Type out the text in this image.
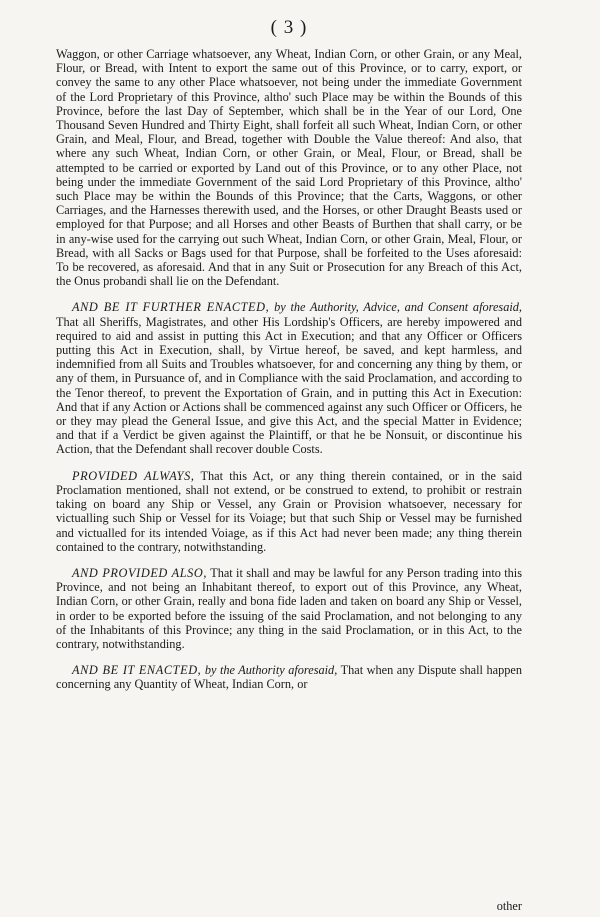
( 3 )

Waggon, or other Carriage whatsoever, any Wheat, Indian Corn, or other Grain, or any Meal, Flour, or Bread, with Intent to export the same out of this Province, or to carry, export, or convey the same to any other Place whatsoever, not being under the immediate Government of the Lord Proprietary of this Province, altho' such Place may be within the Bounds of this Province, before the last Day of September, which shall be in the Year of our Lord, One Thousand Seven Hundred and Thirty Eight, shall forfeit all such Wheat, Indian Corn, or other Grain, and Meal, Flour, and Bread, together with Double the Value thereof: And also, that where any such Wheat, Indian Corn, or other Grain, or Meal, Flour, or Bread, shall be attempted to be carried or exported by Land out of this Province, or to any other Place, not being under the immediate Government of the said Lord Proprietary of this Province, altho' such Place may be within the Bounds of this Province; that the Carts, Waggons, or other Carriages, and the Harnesses therewith used, and the Horses, or other Draught Beasts used or employed for that Purpose; and all Horses and other Beasts of Burthen that shall carry, or be in any-wise used for the carrying out such Wheat, Indian Corn, or other Grain, Meal, Flour, or Bread, with all Sacks or Bags used for that Purpose, shall be forfeited to the Uses aforesaid: To be recovered, as aforesaid. And that in any Suit or Prosecution for any Breach of this Act, the Onus probandi shall lie on the Defendant.

AND BE IT FURTHER ENACTED, by the Authority, Advice, and Consent aforesaid, That all Sheriffs, Magistrates, and other His Lordship's Officers, are hereby impowered and required to aid and assist in putting this Act in Execution; and that any Officer or Officers putting this Act in Execution, shall, by Virtue hereof, be saved, and kept harmless, and indemnified from all Suits and Troubles whatsoever, for and concerning any thing by them, or any of them, in Pursuance of, and in Compliance with the said Proclamation, and according to the Tenor thereof, to prevent the Exportation of Grain, and in putting this Act in Execution: And that if any Action or Actions shall be commenced against any such Officer or Officers, he or they may plead the General Issue, and give this Act, and the special Matter in Evidence; and that if a Verdict be given against the Plaintiff, or that he be Nonsuit, or discontinue his Action, that the Defendant shall recover double Costs.

PROVIDED ALWAYS, That this Act, or any thing therein contained, or in the said Proclamation mentioned, shall not extend, or be construed to extend, to prohibit or restrain taking on board any Ship or Vessel, any Grain or Provision whatsoever, necessary for victualling such Ship or Vessel for its Voiage; but that such Ship or Vessel may be furnished and victualled for its intended Voiage, as if this Act had never been made; any thing therein contained to the contrary, notwithstanding.

AND PROVIDED ALSO, That it shall and may be lawful for any Person trading into this Province, and not being an Inhabitant thereof, to export out of this Province, any Wheat, Indian Corn, or other Grain, really and bona fide laden and taken on board any Ship or Vessel, in order to be exported before the issuing of the said Proclamation, and not belonging to any of the Inhabitants of this Province; any thing in the said Proclamation, or in this Act, to the contrary, notwithstanding.

AND BE IT ENACTED, by the Authority aforesaid, That when any Dispute shall happen concerning any Quantity of Wheat, Indian Corn, or

other
